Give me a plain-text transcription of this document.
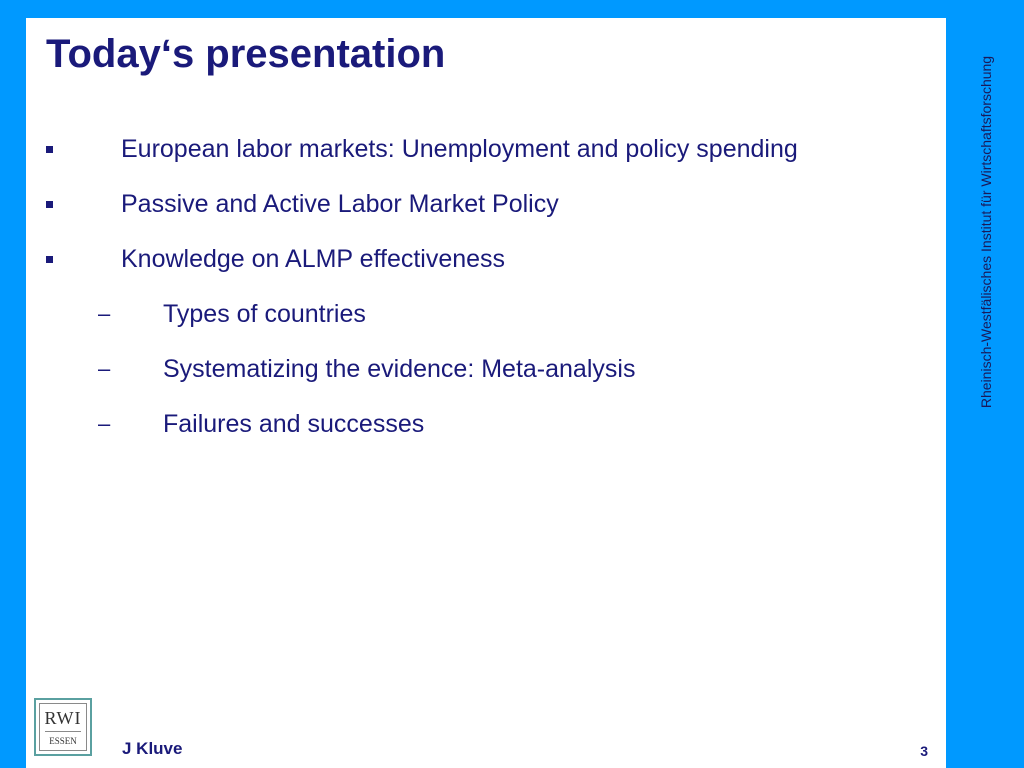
Today‘s presentation
European labor markets: Unemployment and policy spending
Passive and Active Labor Market Policy
Knowledge on ALMP effectiveness
– Types of countries
– Systematizing the evidence: Meta-analysis
– Failures and successes
RWI
ESSEN	J Kluve	3
Rheinisch-Westfälisches Institut für Wirtschaftsforschung
